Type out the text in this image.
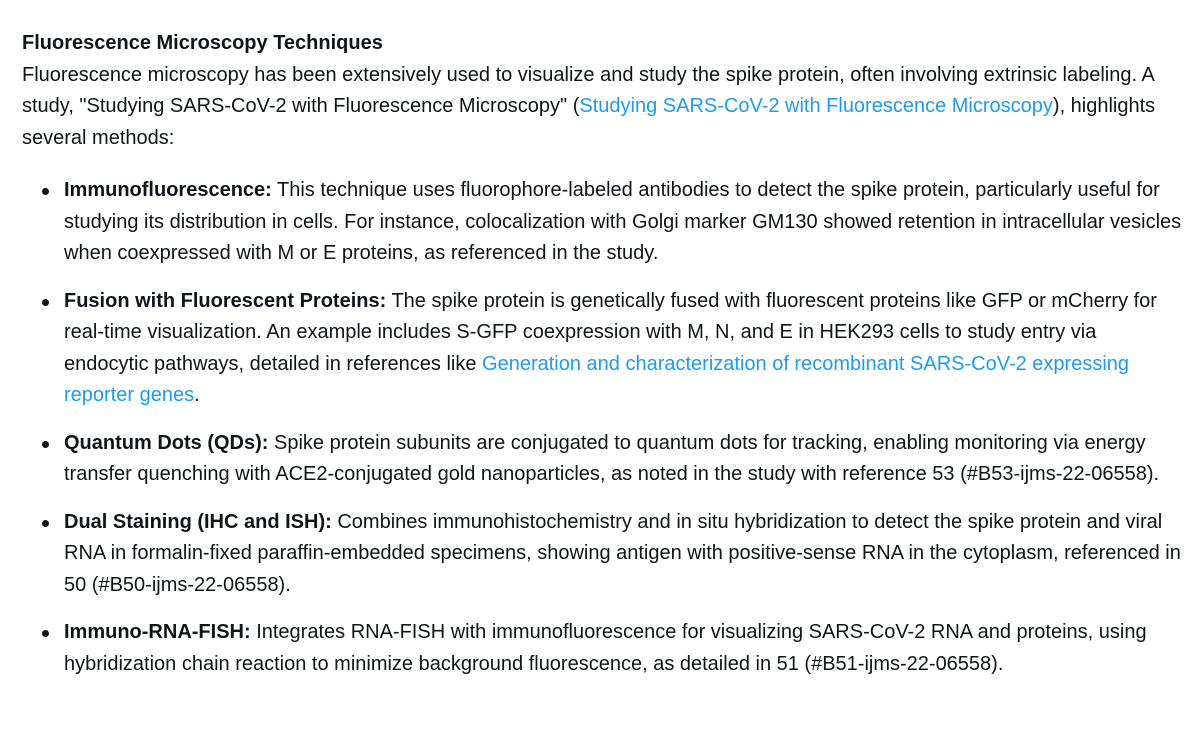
Fluorescence Microscopy Techniques

Fluorescence microscopy has been extensively used to visualize and study the spike protein, often involving extrinsic labeling. A study, "Studying SARS-CoV-2 with Fluorescence Microscopy" (Studying SARS-CoV-2 with Fluorescence Microscopy), highlights several methods:

Immunofluorescence: This technique uses fluorophore-labeled antibodies to detect the spike protein, particularly useful for studying its distribution in cells. For instance, colocalization with Golgi marker GM130 showed retention in intracellular vesicles when coexpressed with M or E proteins, as referenced in the study.
Fusion with Fluorescent Proteins: The spike protein is genetically fused with fluorescent proteins like GFP or mCherry for real-time visualization. An example includes S-GFP coexpression with M, N, and E in HEK293 cells to study entry via endocytic pathways, detailed in references like Generation and characterization of recombinant SARS-CoV-2 expressing reporter genes.
Quantum Dots (QDs): Spike protein subunits are conjugated to quantum dots for tracking, enabling monitoring via energy transfer quenching with ACE2-conjugated gold nanoparticles, as noted in the study with reference 53 (#B53-ijms-22-06558).
Dual Staining (IHC and ISH): Combines immunohistochemistry and in situ hybridization to detect the spike protein and viral RNA in formalin-fixed paraffin-embedded specimens, showing antigen with positive-sense RNA in the cytoplasm, referenced in 50 (#B50-ijms-22-06558).
Immuno-RNA-FISH: Integrates RNA-FISH with immunofluorescence for visualizing SARS-CoV-2 RNA and proteins, using hybridization chain reaction to minimize background fluorescence, as detailed in 51 (#B51-ijms-22-06558).
